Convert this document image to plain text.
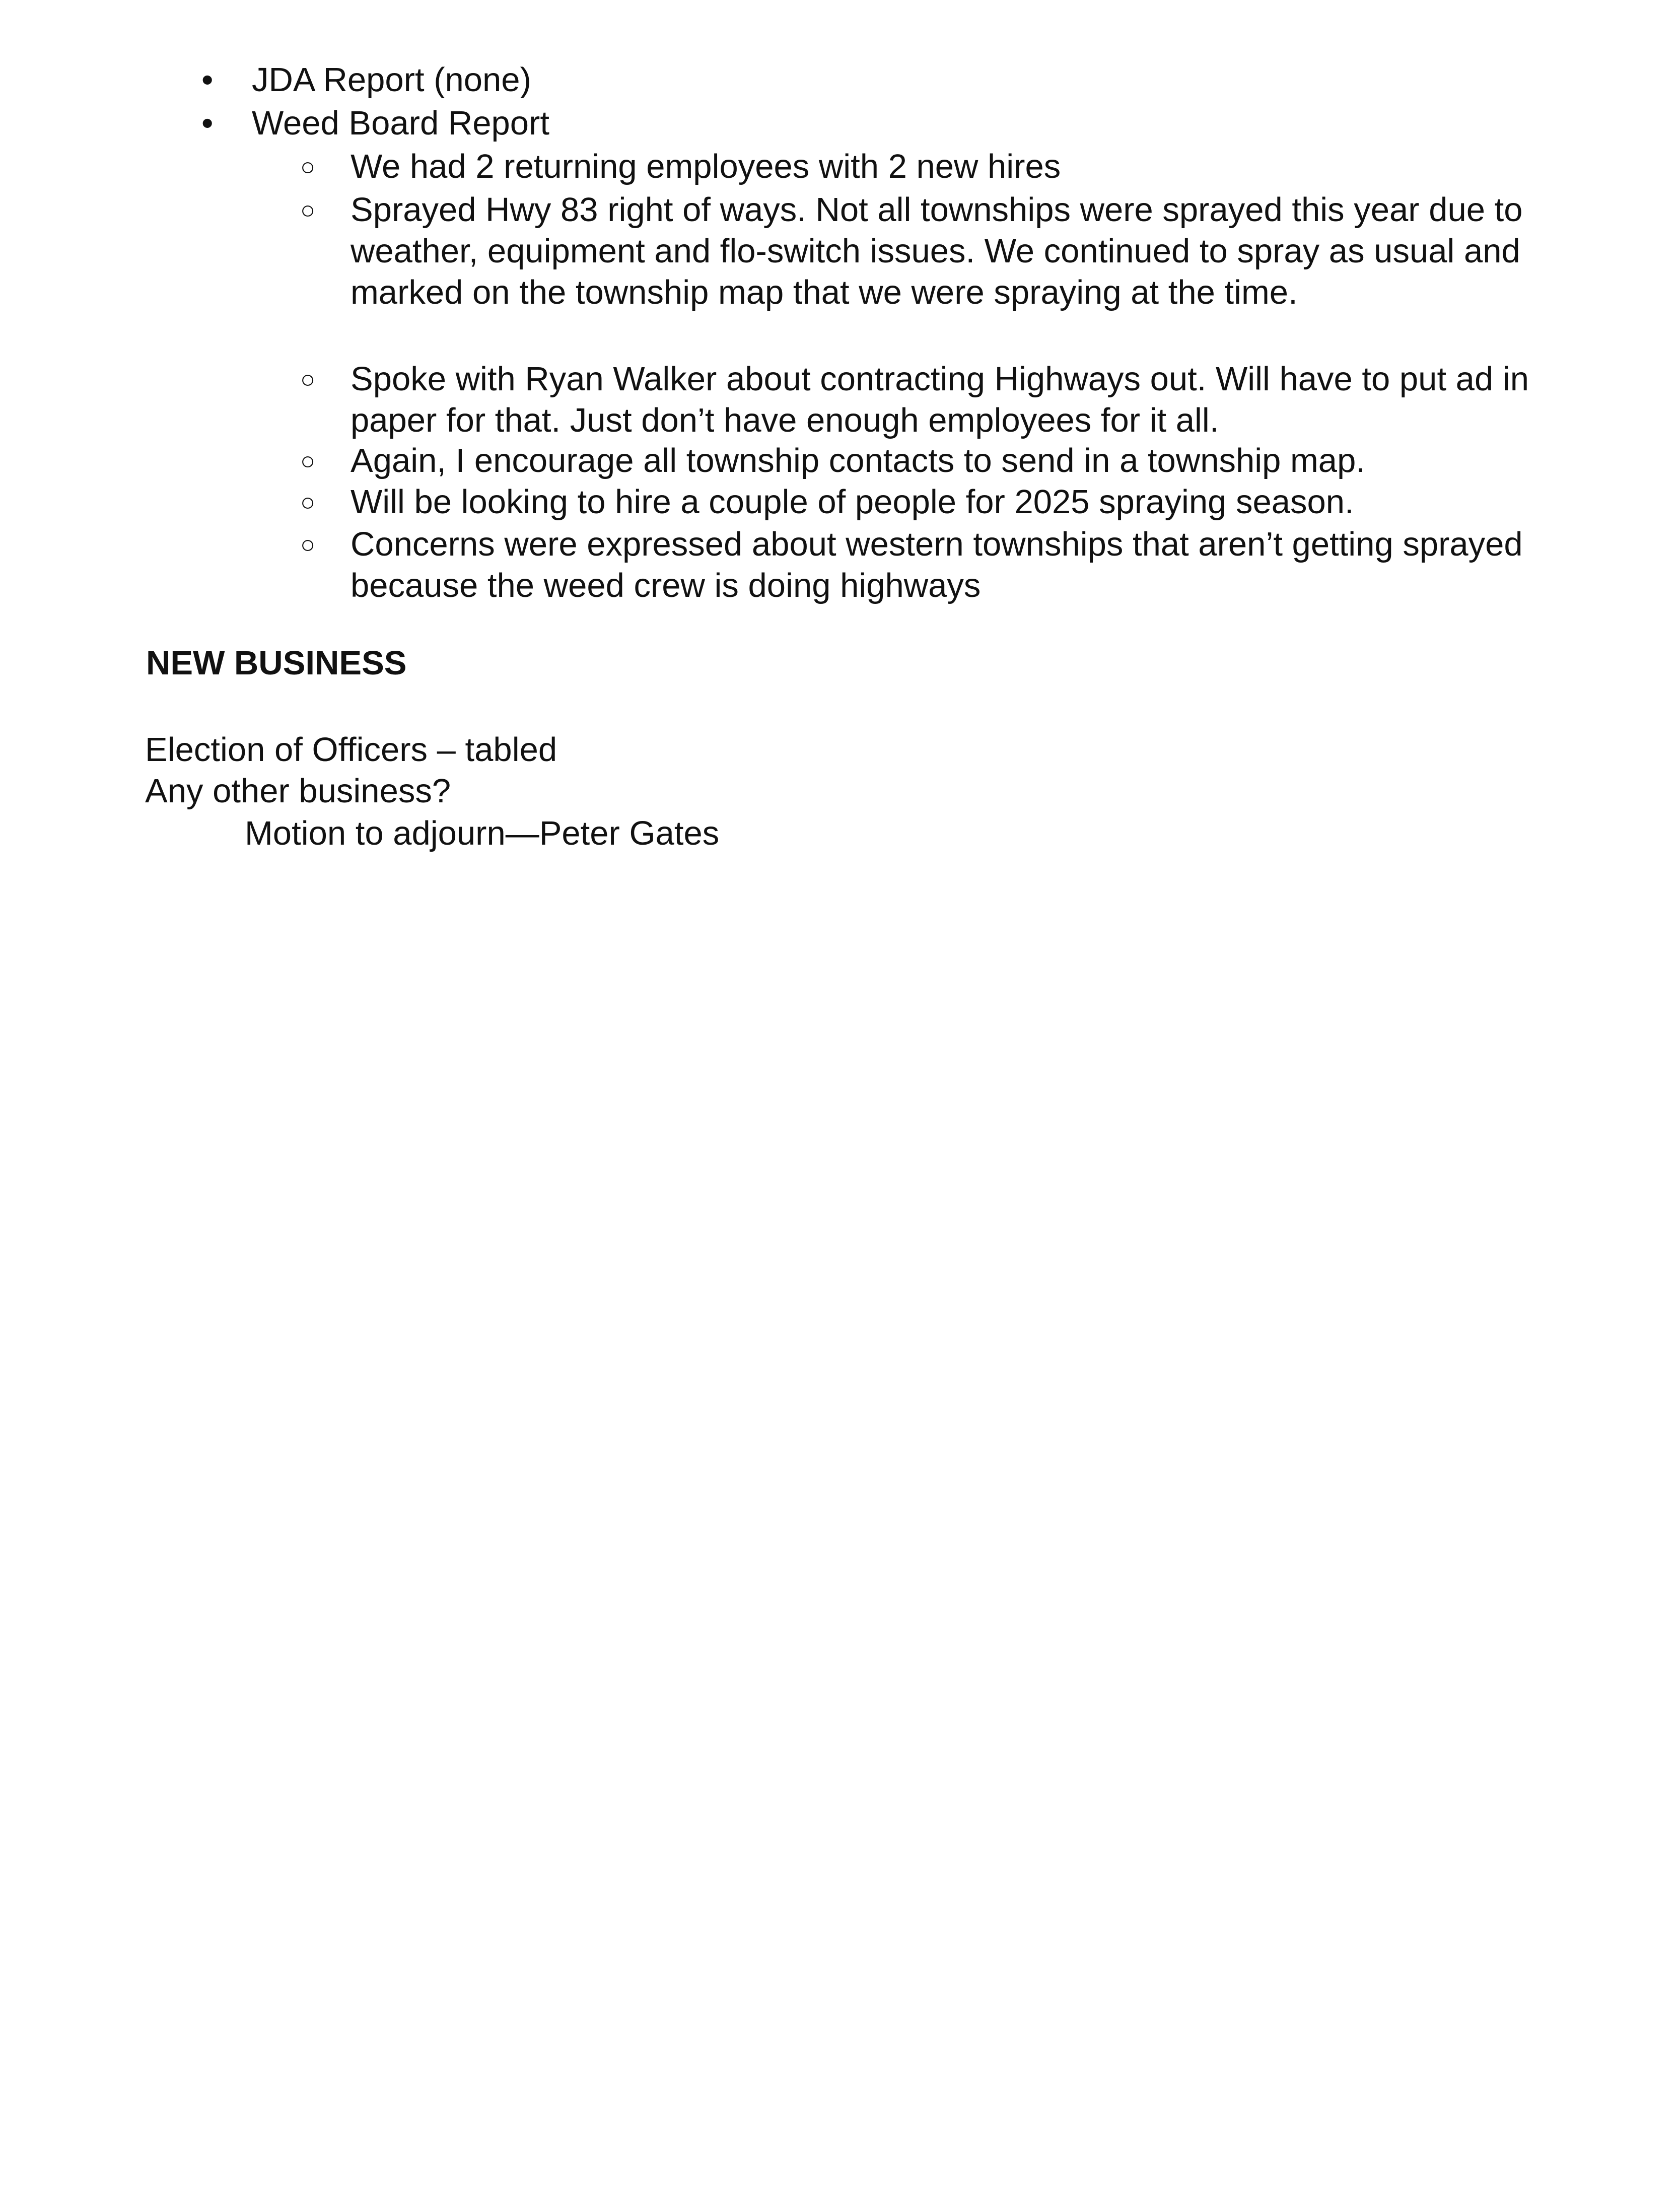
•	JDA Report (none)
•	Weed Board Report
○	We had 2 returning employees with 2 new hires
○	Sprayed Hwy 83 right of ways. Not all townships were sprayed this year due to weather, equipment and flo-switch issues. We continued to spray as usual and marked on the township map that we were spraying at the time.
○	Spoke with Ryan Walker about contracting Highways out. Will have to put ad in paper for that. Just don’t have enough employees for it all.
○	Again, I encourage all township contacts to send in a township map.
○	Will be looking to hire a couple of people for 2025 spraying season.
○	Concerns were expressed about western townships that aren’t getting sprayed because the weed crew is doing highways
NEW BUSINESS
Election of Officers – tabled
Any other business?
Motion to adjourn—Peter Gates
